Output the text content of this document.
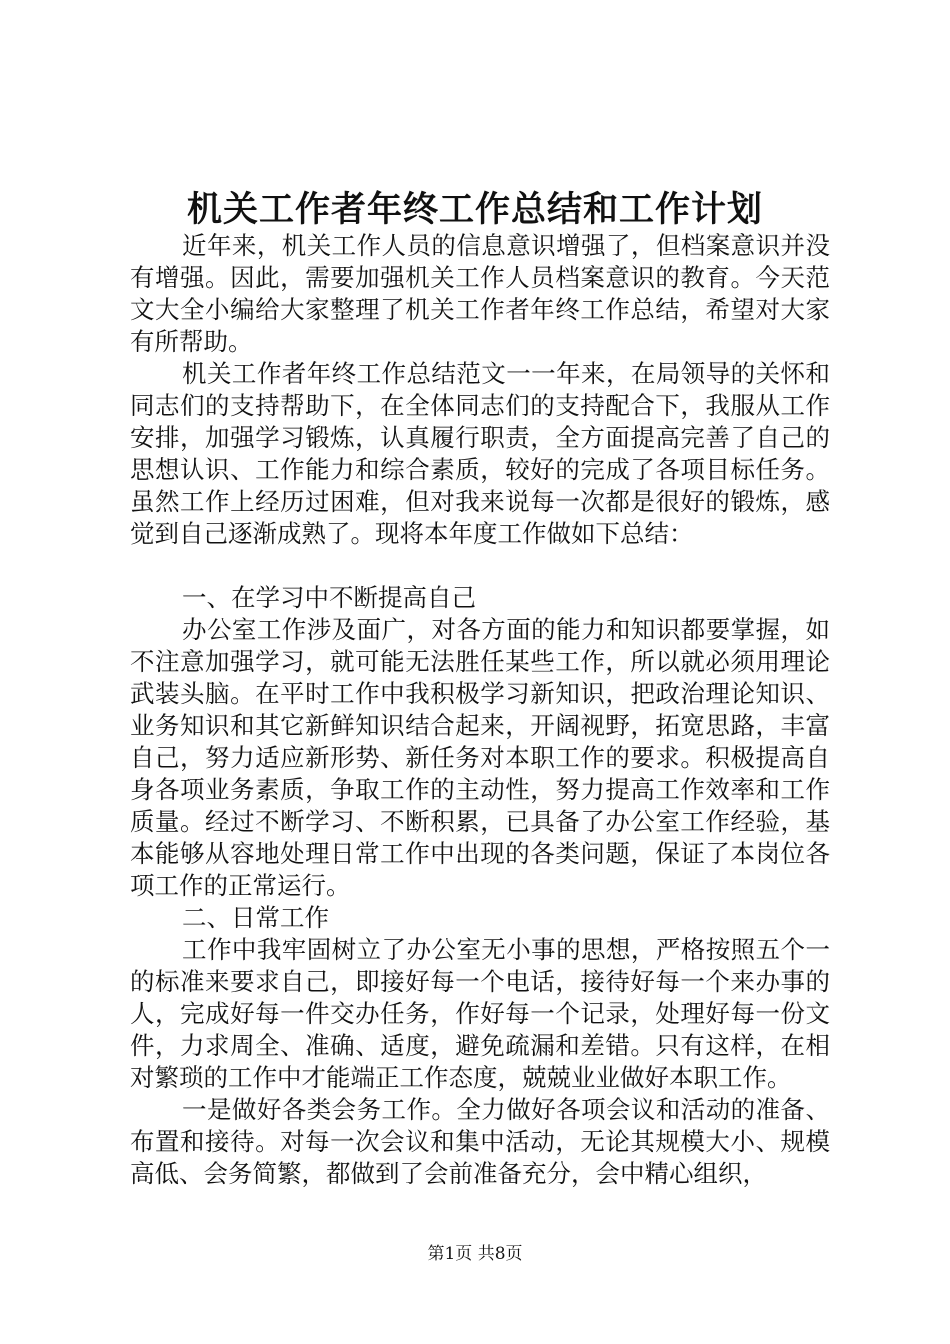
机关工作者年终工作总结和工作计划

近年来，机关工作人员的信息意识增强了，但档案意识并没有增强。因此，需要加强机关工作人员档案意识的教育。今天范文大全小编给大家整理了机关工作者年终工作总结，希望对大家有所帮助。

机关工作者年终工作总结范文一一年来，在局领导的关怀和同志们的支持帮助下，在全体同志们的支持配合下，我服从工作安排，加强学习锻炼，认真履行职责，全方面提高完善了自己的思想认识、工作能力和综合素质，较好的完成了各项目标任务。虽然工作上经历过困难，但对我来说每一次都是很好的锻炼，感觉到自己逐渐成熟了。现将本年度工作做如下总结：

一、在学习中不断提高自己

办公室工作涉及面广，对各方面的能力和知识都要掌握，如不注意加强学习，就可能无法胜任某些工作，所以就必须用理论武装头脑。在平时工作中我积极学习新知识，把政治理论知识、业务知识和其它新鲜知识结合起来，开阔视野，拓宽思路，丰富自己，努力适应新形势、新任务对本职工作的要求。积极提高自身各项业务素质，争取工作的主动性，努力提高工作效率和工作质量。经过不断学习、不断积累，已具备了办公室工作经验，基本能够从容地处理日常工作中出现的各类问题，保证了本岗位各项工作的正常运行。

二、日常工作

工作中我牢固树立了办公室无小事的思想，严格按照五个一的标准来要求自己，即接好每一个电话，接待好每一个来办事的人，完成好每一件交办任务，作好每一个记录，处理好每一份文件，力求周全、准确、适度，避免疏漏和差错。只有这样，在相对繁琐的工作中才能端正工作态度，兢兢业业做好本职工作。

一是做好各类会务工作。全力做好各项会议和活动的准备、布置和接待。对每一次会议和集中活动，无论其规模大小、规模高低、会务简繁，都做到了会前准备充分，会中精心组织，

第1页 共8页
